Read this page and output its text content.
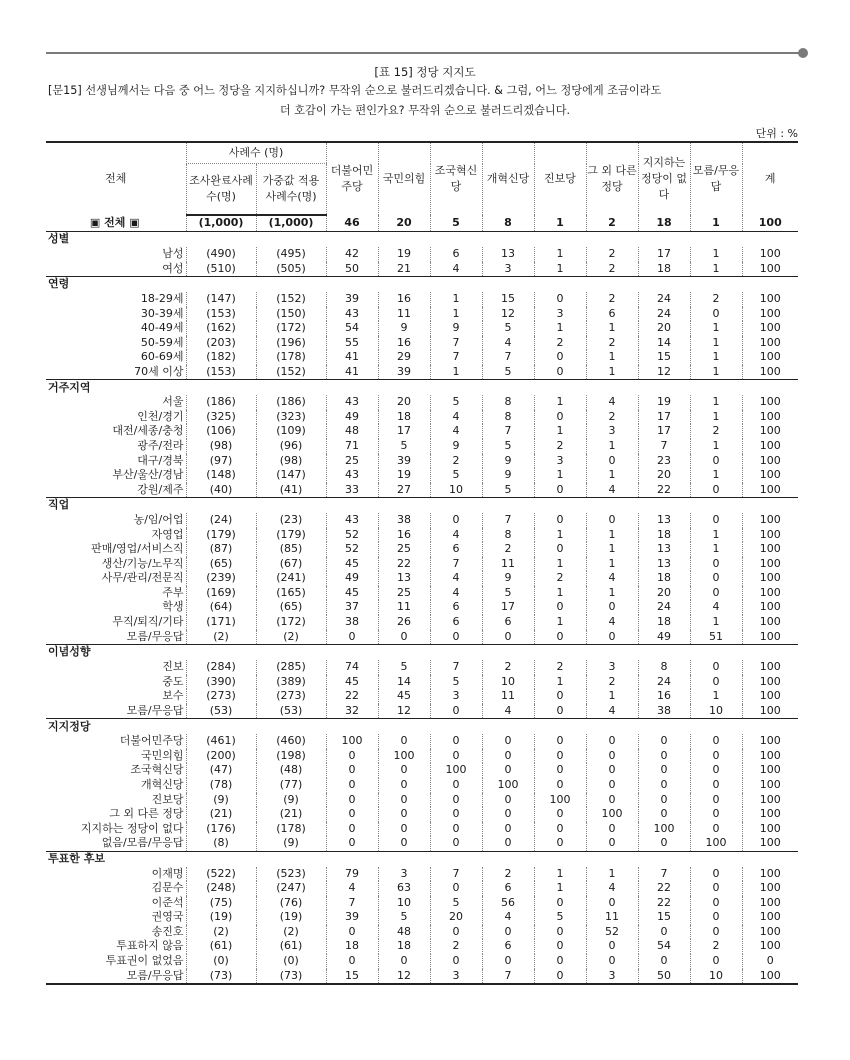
[표 15] 정당 지지도
[문15] 선생님께서는 다음 중 어느 정당을 지지하십니까? 무작위 순으로 불러드리겠습니다. & 그럼, 어느 정당에게 조금이라도
더 호감이 가는 편인가요? 무작위 순으로 불러드리겠습니다.
단위 : %
전체	사례수 (명)		더불어민주당	국민의힘	조국혁신당	개혁신당	진보당	그 외 다른 정당	지지하는 정당이 없다	모름/무응답	계
	조사완료사례수(명)	가중값 적용 사례수(명)									
▣ 전체 ▣	(1,000)	(1,000)	46	20	5	8	1	2	18	1	100
성별											
남성	(490)	(495)	42	19	6	13	1	2	17	1	100
여성	(510)	(505)	50	21	4	3	1	2	18	1	100
연령											
18-29세	(147)	(152)	39	16	1	15	0	2	24	2	100
30-39세	(153)	(150)	43	11	1	12	3	6	24	0	100
40-49세	(162)	(172)	54	9	9	5	1	1	20	1	100
50-59세	(203)	(196)	55	16	7	4	2	2	14	1	100
60-69세	(182)	(178)	41	29	7	7	0	1	15	1	100
70세 이상	(153)	(152)	41	39	1	5	0	1	12	1	100
거주지역											
서울	(186)	(186)	43	20	5	8	1	4	19	1	100
인천/경기	(325)	(323)	49	18	4	8	0	2	17	1	100
대전/세종/충청	(106)	(109)	48	17	4	7	1	3	17	2	100
광주/전라	(98)	(96)	71	5	9	5	2	1	7	1	100
대구/경북	(97)	(98)	25	39	2	9	3	0	23	0	100
부산/울산/경남	(148)	(147)	43	19	5	9	1	1	20	1	100
강원/제주	(40)	(41)	33	27	10	5	0	4	22	0	100
직업											
농/임/어업	(24)	(23)	43	38	0	7	0	0	13	0	100
자영업	(179)	(179)	52	16	4	8	1	1	18	1	100
판매/영업/서비스직	(87)	(85)	52	25	6	2	0	1	13	1	100
생산/기능/노무직	(65)	(67)	45	22	7	11	1	1	13	0	100
사무/관리/전문직	(239)	(241)	49	13	4	9	2	4	18	0	100
주부	(169)	(165)	45	25	4	5	1	1	20	0	100
학생	(64)	(65)	37	11	6	17	0	0	24	4	100
무직/퇴직/기타	(171)	(172)	38	26	6	6	1	4	18	1	100
모름/무응답	(2)	(2)	0	0	0	0	0	0	49	51	100
이념성향											
진보	(284)	(285)	74	5	7	2	2	3	8	0	100
중도	(390)	(389)	45	14	5	10	1	2	24	0	100
보수	(273)	(273)	22	45	3	11	0	1	16	1	100
모름/무응답	(53)	(53)	32	12	0	4	0	4	38	10	100
지지정당											
더불어민주당	(461)	(460)	100	0	0	0	0	0	0	0	100
국민의힘	(200)	(198)	0	100	0	0	0	0	0	0	100
조국혁신당	(47)	(48)	0	0	100	0	0	0	0	0	100
개혁신당	(78)	(77)	0	0	0	100	0	0	0	0	100
진보당	(9)	(9)	0	0	0	0	100	0	0	0	100
그 외 다른 정당	(21)	(21)	0	0	0	0	0	100	0	0	100
지지하는 정당이 없다	(176)	(178)	0	0	0	0	0	0	100	0	100
없음/모름/무응답	(8)	(9)	0	0	0	0	0	0	0	100	100
투표한 후보											
이재명	(522)	(523)	79	3	7	2	1	1	7	0	100
김문수	(248)	(247)	4	63	0	6	1	4	22	0	100
이준석	(75)	(76)	7	10	5	56	0	0	22	0	100
권영국	(19)	(19)	39	5	20	4	5	11	15	0	100
송진호	(2)	(2)	0	48	0	0	0	52	0	0	100
투표하지 않음	(61)	(61)	18	18	2	6	0	0	54	2	100
투표권이 없었음	(0)	(0)	0	0	0	0	0	0	0	0	0
모름/무응답	(73)	(73)	15	12	3	7	0	3	50	10	100
